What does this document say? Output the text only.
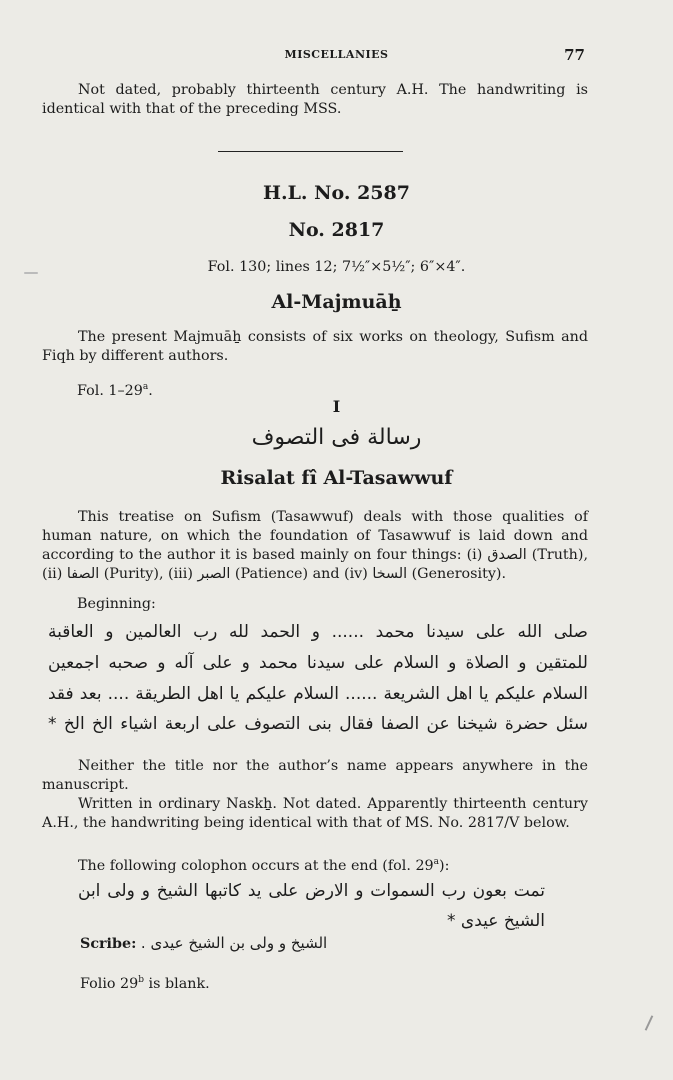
MISCELLANIES	77
Not dated, probably thirteenth century A.H. The handwriting is
identical with that of the preceding MSS.
H.L. No. 2587
No. 2817
Fol. 130; lines 12; 7½″×5½″; 6″×4″.
Al-Majmuāẖ
The present Majmuāẖ consists of six works on theology, Sufism and Fiqh by different authors.
Fol. 1–29$^a$.
I
رسالة فی التصوف
Risalat fî Al-Tasawwuf
This treatise on Sufism (Tasawwuf) deals with those qualities of human nature, on which the foundation of Tasawwuf is laid down and according to the author it is based mainly on four things: (i) الصدق (Truth), (ii) الصفا (Purity), (iii) الصبر (Patience) and (iv) السخا (Generosity).
Beginning:
صلی الله علی سیدنا محمد ...... و الحمد لله رب العالمین و العاقبة
للمتقین و الصلاة و السلام علی سیدنا محمد و علی آله و صحبه اجمعین
السلام علیکم یا اهل الشریعة ...... السلام علیکم یا اهل الطریقة .... بعد فقد
سئل حضرة شیخنا عن الصفا فقال بنی التصوف علی اربعة اشیاء الخ الخ *
Neither the title nor the author’s name appears anywhere in the manuscript.
Written in ordinary Naskẖ. Not dated. Apparently thirteenth century A.H., the handwriting being identical with that of MS. No. 2817/V below.
The following colophon occurs at the end (fol. 29$^a$):
تمت بعون رب السموات و الارض علی ید کاتبها الشیخ و ولی ابن
الشیخ عیدی *
Scribe: الشیخ و ولی بن الشیخ عیدی .
Folio 29$^b$ is blank.
